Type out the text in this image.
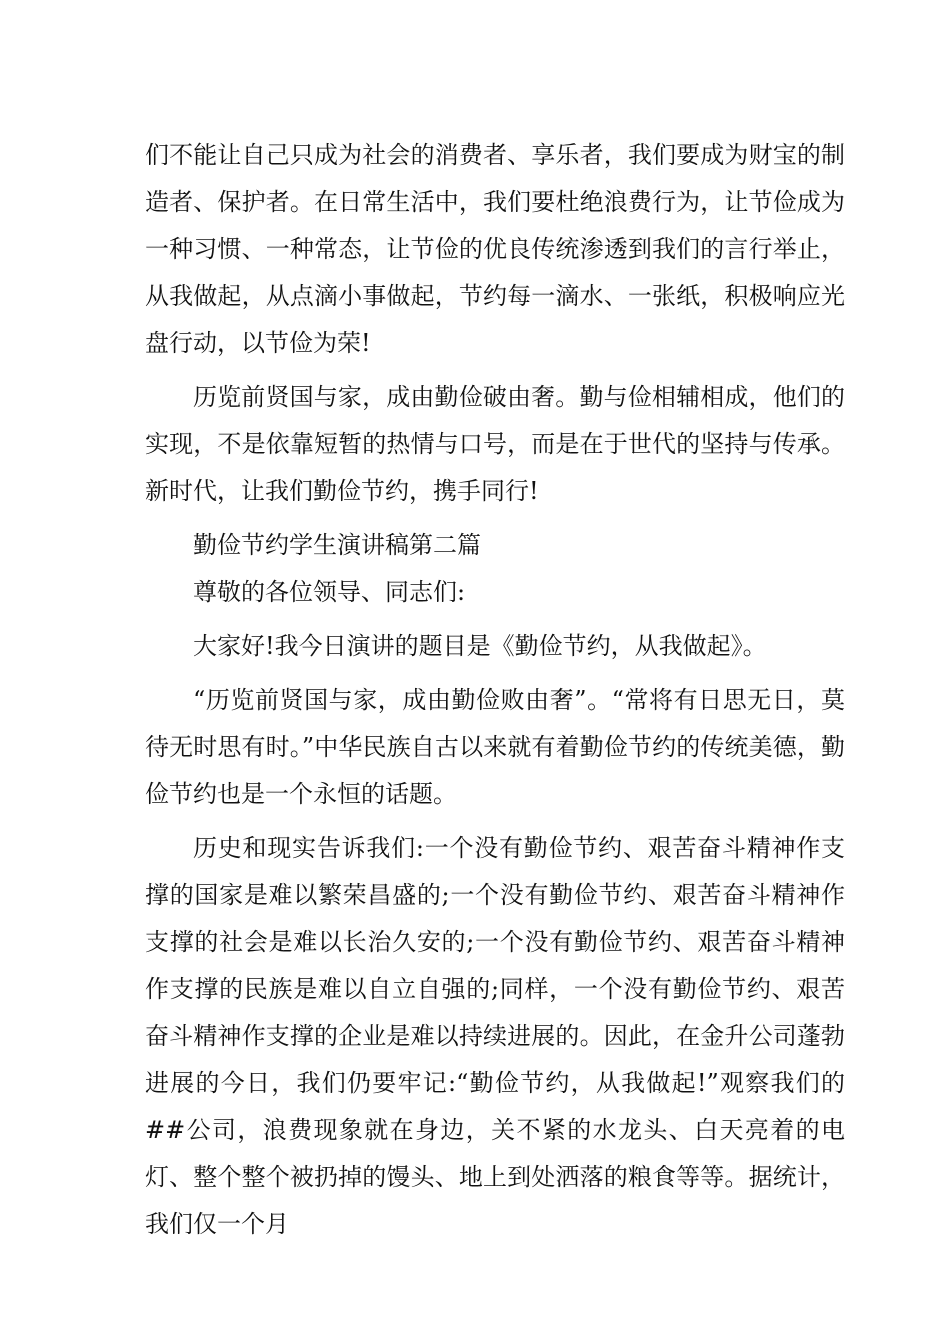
们不能让自己只成为社会的消费者、享乐者，我们要成为财宝的制造者、保护者。在日常生活中，我们要杜绝浪费行为，让节俭成为一种习惯、一种常态，让节俭的优良传统渗透到我们的言行举止，从我做起，从点滴小事做起，节约每一滴水、一张纸，积极响应光盘行动，以节俭为荣!

历览前贤国与家，成由勤俭破由奢。勤与俭相辅相成，他们的实现，不是依靠短暂的热情与口号，而是在于世代的坚持与传承。新时代，让我们勤俭节约，携手同行!

勤俭节约学生演讲稿第二篇

尊敬的各位领导、同志们:

大家好!我今日演讲的题目是《勤俭节约，从我做起》。

“历览前贤国与家，成由勤俭败由奢”。“常将有日思无日，莫待无时思有时。”中华民族自古以来就有着勤俭节约的传统美德，勤俭节约也是一个永恒的话题。

历史和现实告诉我们:一个没有勤俭节约、艰苦奋斗精神作支撑的国家是难以繁荣昌盛的;一个没有勤俭节约、艰苦奋斗精神作支撑的社会是难以长治久安的;一个没有勤俭节约、艰苦奋斗精神作支撑的民族是难以自立自强的;同样，一个没有勤俭节约、艰苦奋斗精神作支撑的企业是难以持续进展的。因此，在金升公司蓬勃进展的今日，我们仍要牢记:“勤俭节约，从我做起!”观察我们的##公司，浪费现象就在身边，关不紧的水龙头、白天亮着的电灯、整个整个被扔掉的馒头、地上到处洒落的粮食等等。据统计，我们仅一个月
